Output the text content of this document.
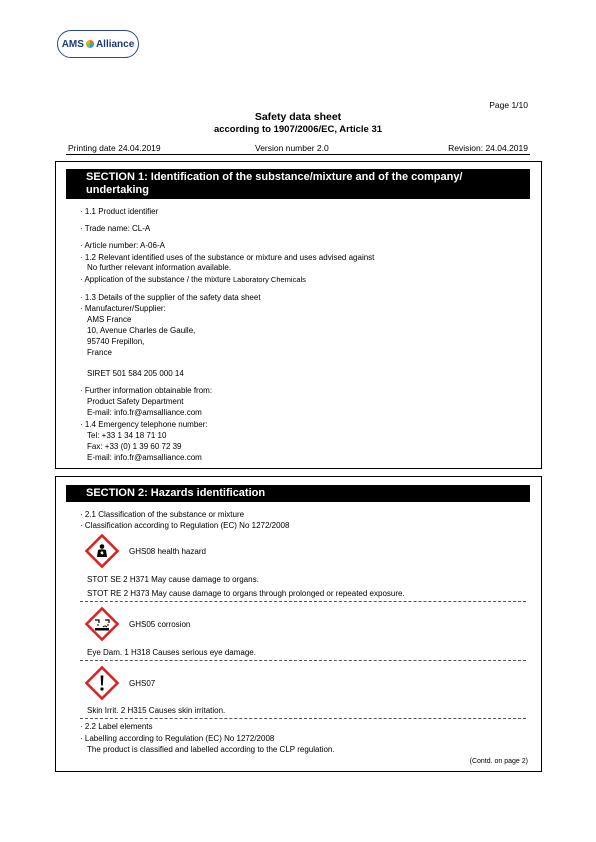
AMS Alliance
Page 1/10
Safety data sheet
according to 1907/2006/EC, Article 31
Printing date 24.04.2019	Version number 2.0	Revision: 24.04.2019
SECTION 1: Identification of the substance/mixture and of the company/
undertaking
· 1.1 Product identifier
· Trade name: CL-A
· Article number: A-06-A
· 1.2 Relevant identified uses of the substance or mixture and uses advised against
No further relevant information available.
· Application of the substance / the mixture Laboratory Chemicals
· 1.3 Details of the supplier of the safety data sheet
· Manufacturer/Supplier:
AMS France
10, Avenue Charles de Gaulle,
95740 Frepillon,
France
SIRET 501 584 205 000 14
· Further information obtainable from:
Product Safety Department
E-mail: info.fr@amsalliance.com
· 1.4 Emergency telephone number:
Tel: +33 1 34 18 71 10
Fax: +33 (0) 1 39 60 72 39
E-mail: info.fr@amsalliance.com
SECTION 2: Hazards identification
· 2.1 Classification of the substance or mixture
· Classification according to Regulation (EC) No 1272/2008
GHS08 health hazard
STOT SE 2 H371 May cause damage to organs.
STOT RE 2 H373 May cause damage to organs through prolonged or repeated exposure.
GHS05 corrosion
Eye Dam. 1 H318 Causes serious eye damage.
GHS07
Skin Irrit. 2 H315 Causes skin irritation.
· 2.2 Label elements
· Labelling according to Regulation (EC) No 1272/2008
The product is classified and labelled according to the CLP regulation.
(Contd. on page 2)
